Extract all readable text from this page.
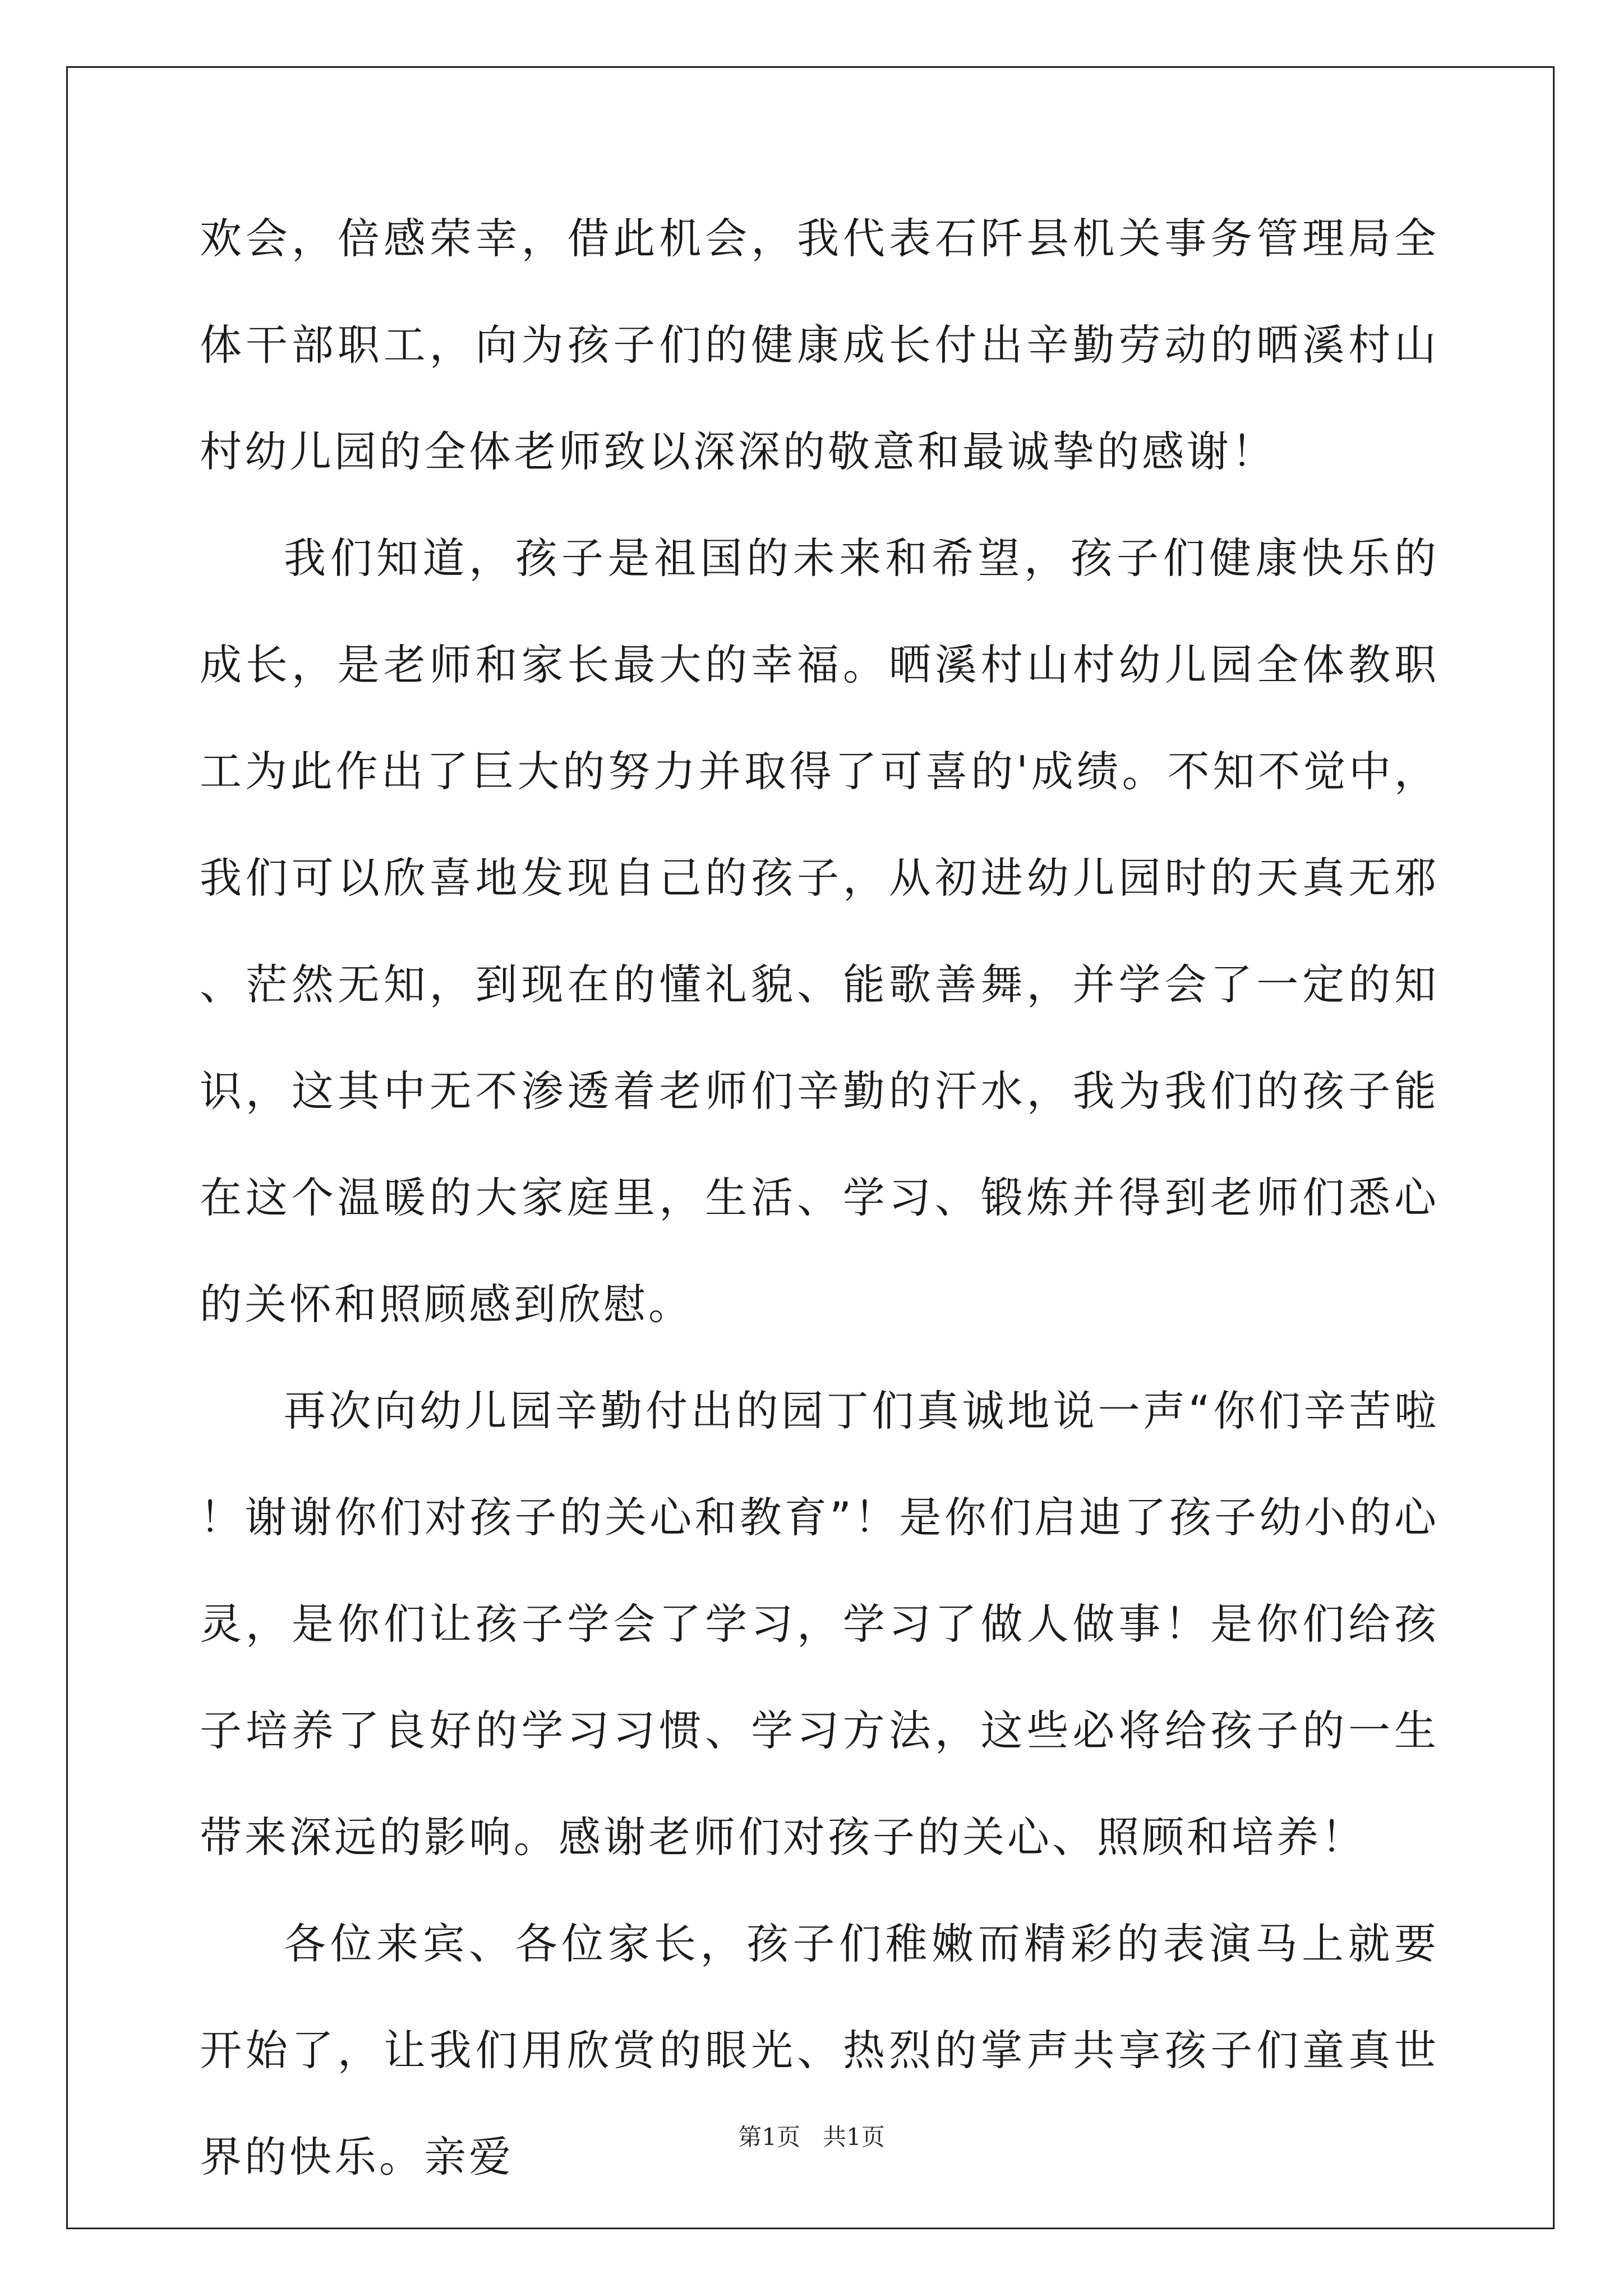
欢会，倍感荣幸，借此机会，我代表石阡县机关事务管理局全体干部职工，向为孩子们的健康成长付出辛勤劳动的晒溪村山村幼儿园的全体老师致以深深的敬意和最诚挚的感谢！

我们知道，孩子是祖国的未来和希望，孩子们健康快乐的成长，是老师和家长最大的幸福。晒溪村山村幼儿园全体教职工为此作出了巨大的努力并取得了可喜的'成绩。不知不觉中，我们可以欣喜地发现自己的孩子，从初进幼儿园时的天真无邪、茫然无知，到现在的懂礼貌、能歌善舞，并学会了一定的知识，这其中无不渗透着老师们辛勤的汗水，我为我们的孩子能在这个温暖的大家庭里，生活、学习、锻炼并得到老师们悉心的关怀和照顾感到欣慰。

再次向幼儿园辛勤付出的园丁们真诚地说一声“你们辛苦啦！谢谢你们对孩子的关心和教育”！是你们启迪了孩子幼小的心灵，是你们让孩子学会了学习，学习了做人做事！是你们给孩子培养了良好的学习习惯、学习方法，这些必将给孩子的一生带来深远的影响。感谢老师们对孩子的关心、照顾和培养！

各位来宾、各位家长，孩子们稚嫩而精彩的表演马上就要开始了，让我们用欣赏的眼光、热烈的掌声共享孩子们童真世界的快乐。亲爱	第1页 共1页
